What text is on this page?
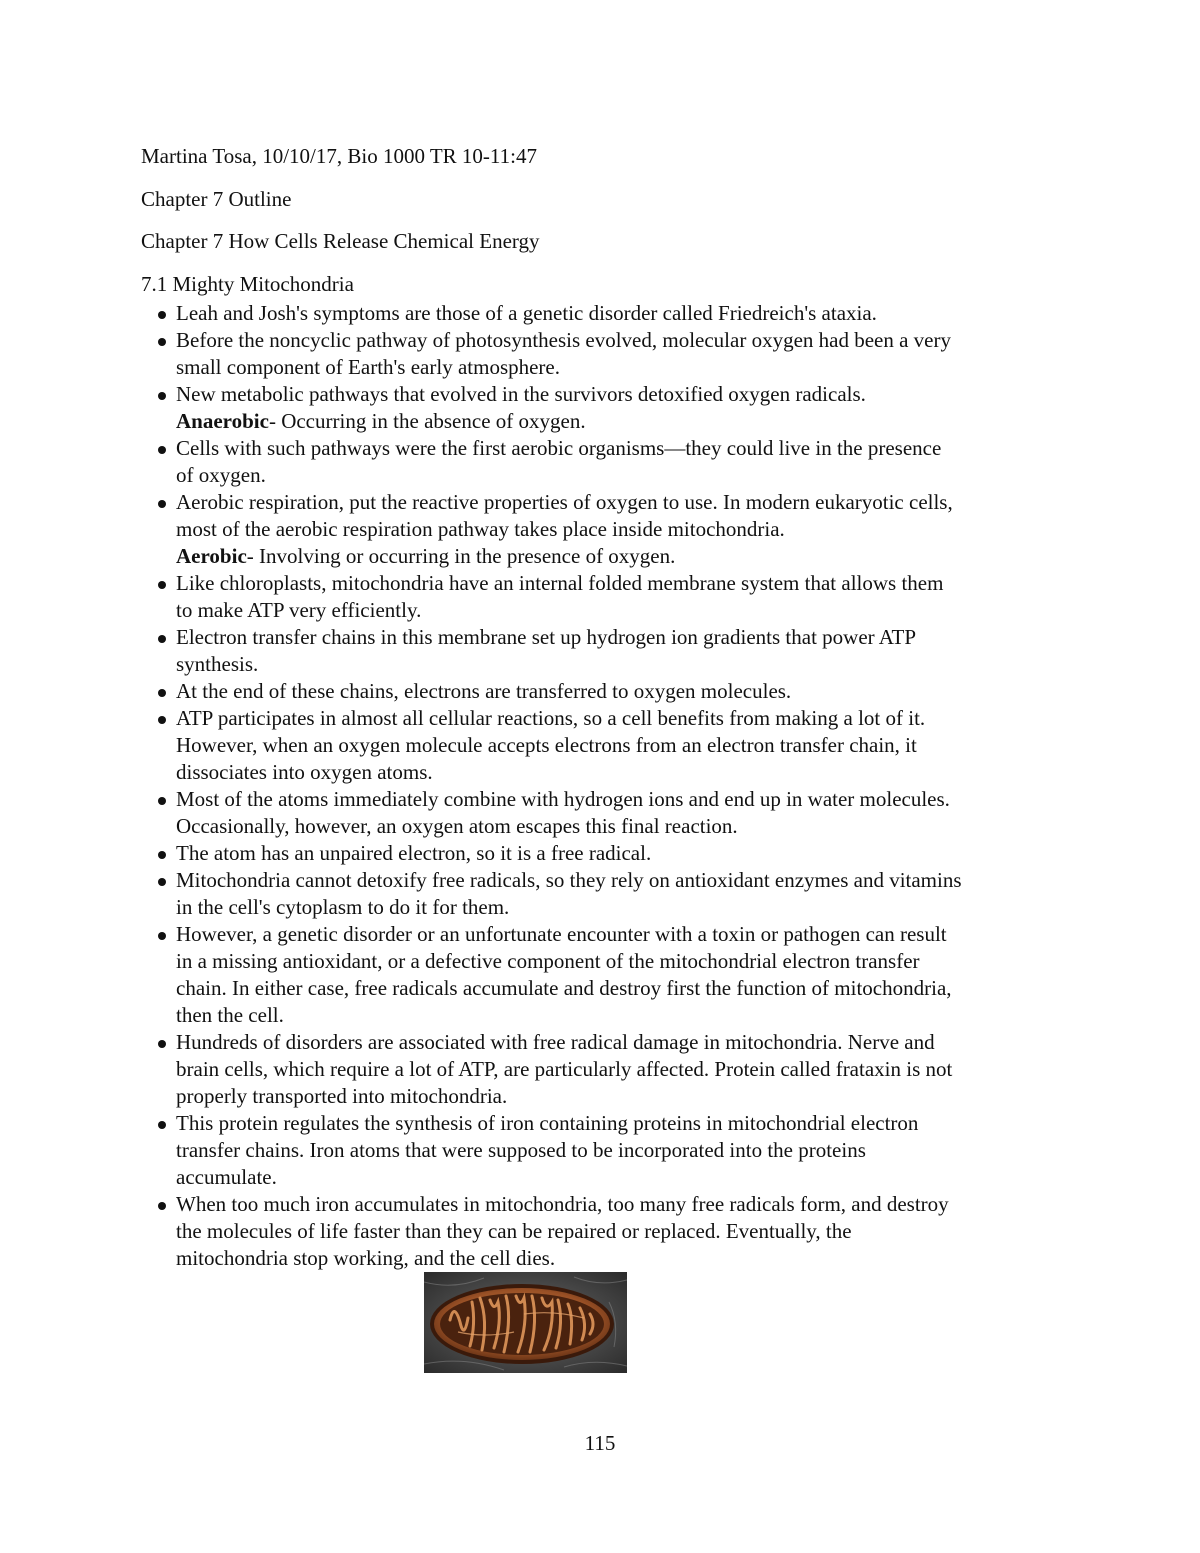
Martina Tosa, 10/10/17, Bio 1000 TR 10-11:47
Chapter 7 Outline
Chapter 7 How Cells Release Chemical Energy
7.1 Mighty Mitochondria
Leah and Josh's symptoms are those of a genetic disorder called Friedreich's ataxia.
Before the noncyclic pathway of photosynthesis evolved, molecular oxygen had been a very
small component of Earth's early atmosphere.
New metabolic pathways that evolved in the survivors detoxified oxygen radicals.
Anaerobic- Occurring in the absence of oxygen.
Cells with such pathways were the first aerobic organisms—they could live in the presence
of oxygen.
Aerobic respiration, put the reactive properties of oxygen to use. In modern eukaryotic cells,
most of the aerobic respiration pathway takes place inside mitochondria.
Aerobic- Involving or occurring in the presence of oxygen.
Like chloroplasts, mitochondria have an internal folded membrane system that allows them
to make ATP very efficiently.
Electron transfer chains in this membrane set up hydrogen ion gradients that power ATP
synthesis.
At the end of these chains, electrons are transferred to oxygen molecules.
ATP participates in almost all cellular reactions, so a cell benefits from making a lot of it.
However, when an oxygen molecule accepts electrons from an electron transfer chain, it
dissociates into oxygen atoms.
Most of the atoms immediately combine with hydrogen ions and end up in water molecules.
Occasionally, however, an oxygen atom escapes this final reaction.
The atom has an unpaired electron, so it is a free radical.
Mitochondria cannot detoxify free radicals, so they rely on antioxidant enzymes and vitamins
in the cell's cytoplasm to do it for them.
However, a genetic disorder or an unfortunate encounter with a toxin or pathogen can result
in a missing antioxidant, or a defective component of the mitochondrial electron transfer
chain. In either case, free radicals accumulate and destroy first the function of mitochondria,
then the cell.
Hundreds of disorders are associated with free radical damage in mitochondria. Nerve and
brain cells, which require a lot of ATP, are particularly affected. Protein called frataxin is not
properly transported into mitochondria.
This protein regulates the synthesis of iron containing proteins in mitochondrial electron
transfer chains. Iron atoms that were supposed to be incorporated into the proteins
accumulate.
When too much iron accumulates in mitochondria, too many free radicals form, and destroy
the molecules of life faster than they can be repaired or replaced. Eventually, the
mitochondria stop working, and the cell dies.
115
